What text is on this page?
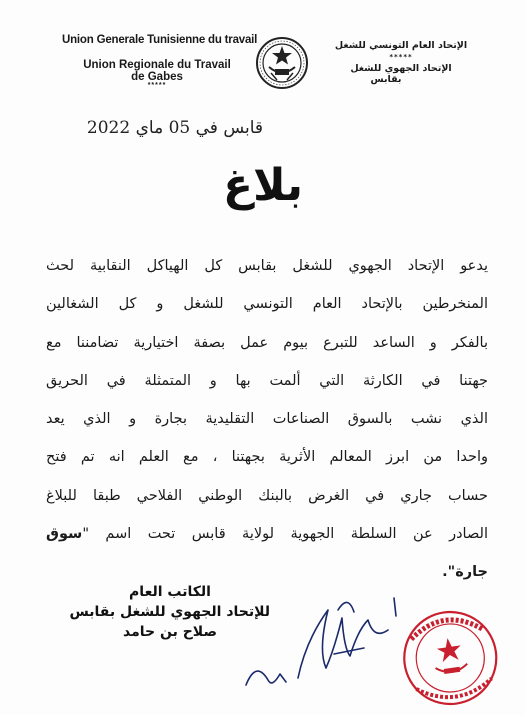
Union Generale Tunisienne du travail
Union Regionale du Travail
de Gabes
*****
الإتحاد العام التونسي للشغل
*****
الإتحاد الجهوي للشغل
بقابس
قابس في 05 ماي 2022
بلاغ
يدعو الإتحاد الجهوي للشغل بقابس كل الهياكل النقابية لحث
المنخرطين بالإتحاد العام التونسي للشغل و كل الشغالين
بالفكر و الساعد للتبرع بيوم عمل بصفة اختيارية تضامننا مع
جهتنا في الكارثة التي ألمت بها و المتمثلة في الحريق
الذي نشب بالسوق الصناعات التقليدية بجارة و الذي يعد
واحدا من ابرز المعالم الأثرية بجهتنا ، مع العلم انه تم فتح
حساب جاري في الغرض بالبنك الوطني الفلاحي طبقا للبلاغ
الصادر عن السلطة الجهوية لولاية قابس تحت اسم "سوق
جارة".
الكاتب العام
للإتحاد الجهوي للشغل بقابس
صلاح بن حامد
